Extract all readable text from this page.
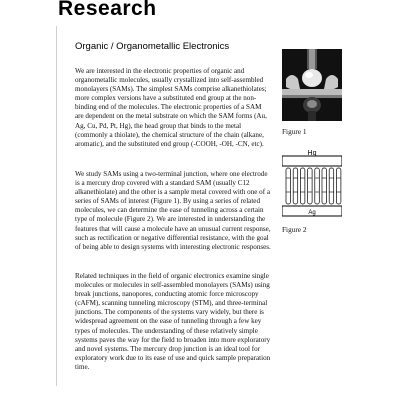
Research
Organic / Organometallic Electronics

We are interested in the electronic properties of organic and organometallic molecules, usually crystallized into self-assembled monolayers (SAMs). The simplest SAMs comprise alkanethiolates; more complex versions have a substituted end group at the non-binding end of the molecules. The electronic properties of a SAM are dependent on the metal substrate on which the SAM forms (Au, Ag, Cu, Pd, Pt, Hg), the head group that binds to the metal (commonly a thiolate), the chemical structure of the chain (alkane, aromatic), and the substituted end group (-COOH, -OH, -CN, etc).

We study SAMs using a two-terminal junction, where one electrode is a mercury drop covered with a standard SAM (usually C12 alkanethiolate) and the other is a sample metal covered with one of a series of SAMs of interest (Figure 1). By using a series of related molecules, we can determine the ease of tunneling across a certain type of molecule (Figure 2). We are interested in understanding the features that will cause a molecule have an unusual current response, such as rectification or negative differential resistance, with the goal of being able to design systems with interesting electronic responses.

Related techniques in the field of organic electronics examine single molecules or molecules in self-assembled monolayers (SAMs) using break junctions, nanopores, conducting atomic force microscopy (cAFM), scanning tunneling microscopy (STM), and three-terminal junctions. The components of the systems vary widely, but there is widespread agreement on the ease of tunneling through a few key types of molecules. The understanding of these relatively simple systems paves the way for the field to broaden into more exploratory and novel systems. The mercury drop junction is an ideal tool for exploratory work due to its ease of use and quick sample preparation time.

Figure 1
Hg
Ag
Figure 2
